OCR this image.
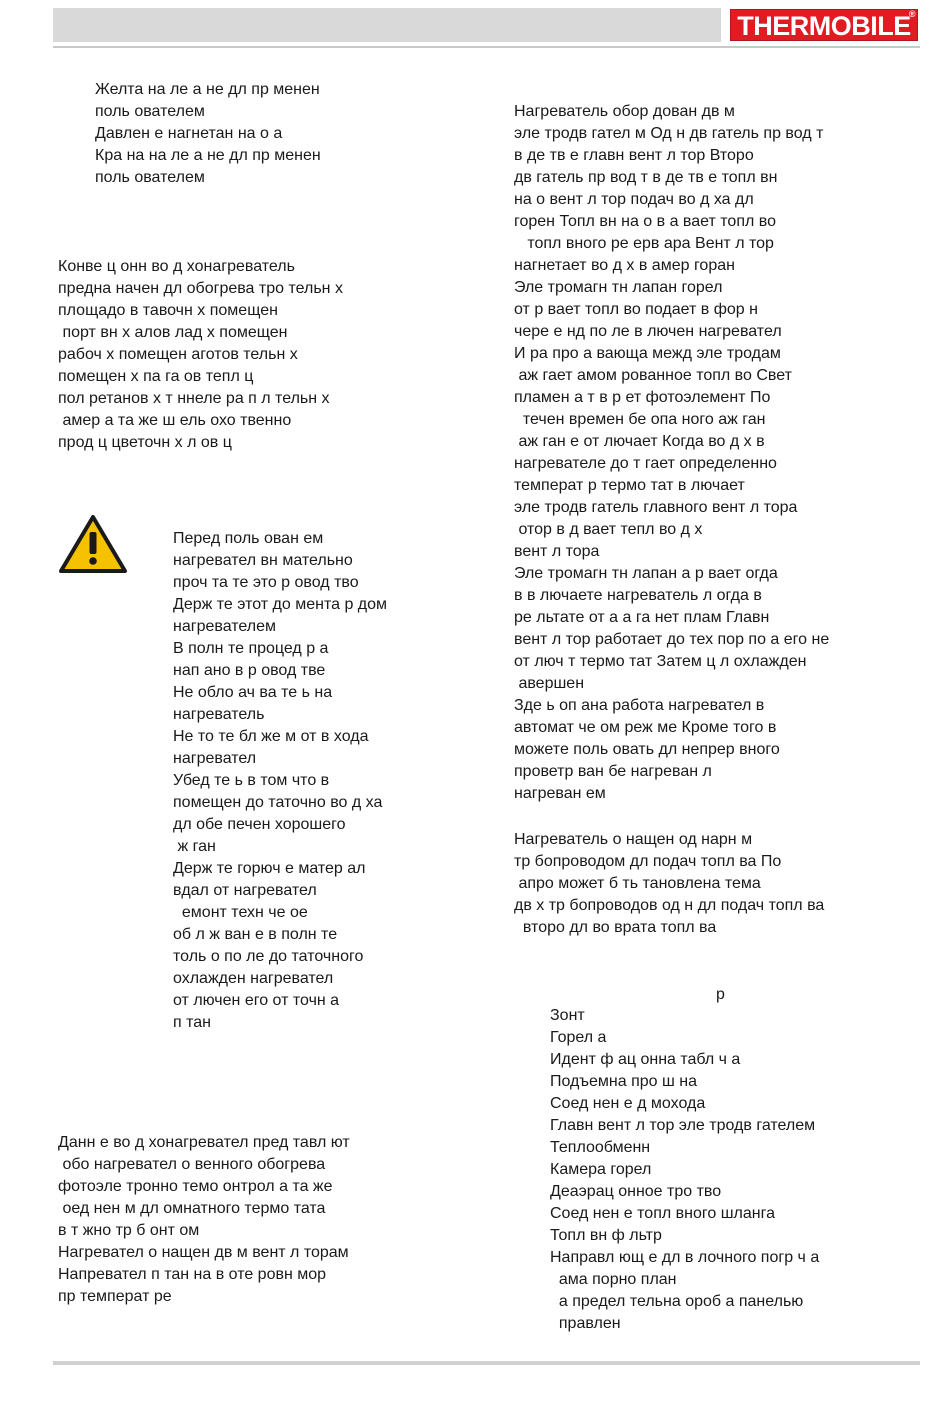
THERMOBILE
®
Желта на ле а не дл пр менен
поль ователем
Давлен е нагнетан на о а
Кра на на ле а не дл пр менен
поль ователем
Конве ц онн во д хонагреватель
предна начен дл обогрева тро тельн х
площадо в тавочн х помещен
порт вн х алов лад х помещен
рабоч х помещен аготов тельн х
помещен х па га ов тепл ц
пол ретанов х т ннеле ра п л тельн х
амер а та же ш ель охо твенно
прод ц цветочн х л ов ц
Перед поль ован ем
нагревател вн мательно
проч та те это р овод тво
Держ те этот до мента р дом
нагревателем
В полн те процед р а
нап ано в р овод тве
Не обло ач ва те ь на
нагреватель
Не то те бл же м от в хода
нагревател
Убед те ь в том что в
помещен до таточно во д ха
дл обе печен хорошего
ж ган
Держ те горюч е матер ал
вдал от нагревател
емонт техн че ое
об л ж ван е в полн те
толь о по ле до таточного
охлажден нагревател
от лючен его от точн а
п тан
Данн е во д хонагревател пред тавл ют
обо нагревател о венного обогрева
фотоэле тронно темо онтрол а та же
оед нен м дл омнатного термо тата
в т жно тр б онт ом
Нагревател о нащен дв м вент л торам
Напревател п тан на в оте ровн мор
пр температ ре
Нагреватель обор дован дв м
эле тродв гател м Од н дв гатель пр вод т
в де тв е главн вент л тор Второ
дв гатель пр вод т в де тв е топл вн
на о вент л тор подач во д ха дл
горен Топл вн на о в а вает топл во
топл вного ре ерв ара Вент л тор
нагнетает во д х в амер горан
Эле тромагн тн лапан горел
от р вает топл во подает в фор н
чере е нд по ле в лючен нагревател
И ра про а вающа межд эле тродам
аж гает амом рованное топл во Свет
пламен а т в р ет фотоэлемент По
течен времен бе опа ного аж ган
аж ган е от лючает Когда во д х в
нагревателе до т гает определенно
температ р термо тат в лючает
эле тродв гатель главного вент л тора
отор в д вает тепл во д х
вент л тора
Эле тромагн тн лапан а р вает огда
в в лючаете нагреватель л огда в
ре льтате от а а га нет плам Главн
вент л тор работает до тех пор по а его не
от люч т термо тат Затем ц л охлажден
авершен
Зде ь оп ана работа нагревател в
автомат че ом реж ме Кроме того в
можете поль овать дл непрер вного
проветр ван бе нагреван л
нагреван ем
Нагреватель о нащен од нарн м
тр бопроводом дл подач топл ва По
апро может б ть тановлена тема
дв х тр бопроводов од н дл подач топл ва
второ дл во врата топл ва
р
Зонт
Горел а
Идент ф ац онна табл ч а
Подъемна про ш на
Соед нен е д мохода
Главн вент л тор эле тродв гателем
Теплообменн
Камера горел
Деаэрац онное тро тво
Соед нен е топл вного шланга
Топл вн ф льтр
Направл ющ е дл в лочного погр ч а
ама порно план
а предел тельна ороб а панелью
правлен
